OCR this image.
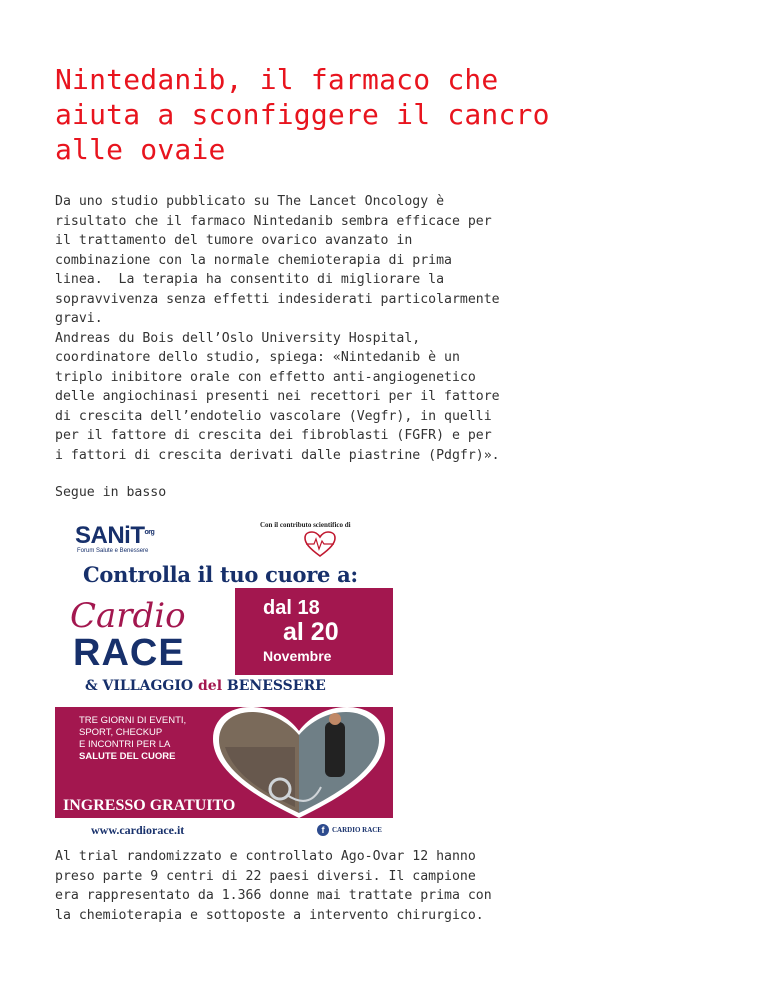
Nintedanib, il farmaco che aiuta a sconfiggere il cancro alle ovaie
Da uno studio pubblicato su The Lancet Oncology è
risultato che il farmaco Nintedanib sembra efficace per
il trattamento del tumore ovarico avanzato in
combinazione con la normale chemioterapia di prima
linea.  La terapia ha consentito di migliorare la
sopravvivenza senza effetti indesiderati particolarmente
gravi.
Andreas du Bois dell’Oslo University Hospital,
coordinatore dello studio, spiega: «Nintedanib è un
triplo inibitore orale con effetto anti-angiogenetico
delle angiochinasi presenti nei recettori per il fattore
di crescita dell’endotelio vascolare (Vegfr), in quelli
per il fattore di crescita dei fibroblasti (FGFR) e per
i fattori di crescita derivati dalle piastrine (Pdgfr)».
Segue in basso
SANiT$^{org}$
Forum Salute e Benessere
Con il contributo scientifico di
Controlla il tuo cuore a:
Cardio
RACE
dal 18
al 20
Novembre
& VILLAGGIO del BENESSERE
TRE GIORNI DI EVENTI,
SPORT, CHECKUP
E INCONTRI PER LA
SALUTE DEL CUORE
INGRESSO GRATUITO
www.cardiorace.it	f	CARDIO RACE
Al trial randomizzato e controllato Ago-Ovar 12 hanno
preso parte 9 centri di 22 paesi diversi. Il campione
era rappresentato da 1.366 donne mai trattate prima con
la chemioterapia e sottoposte a intervento chirurgico.
